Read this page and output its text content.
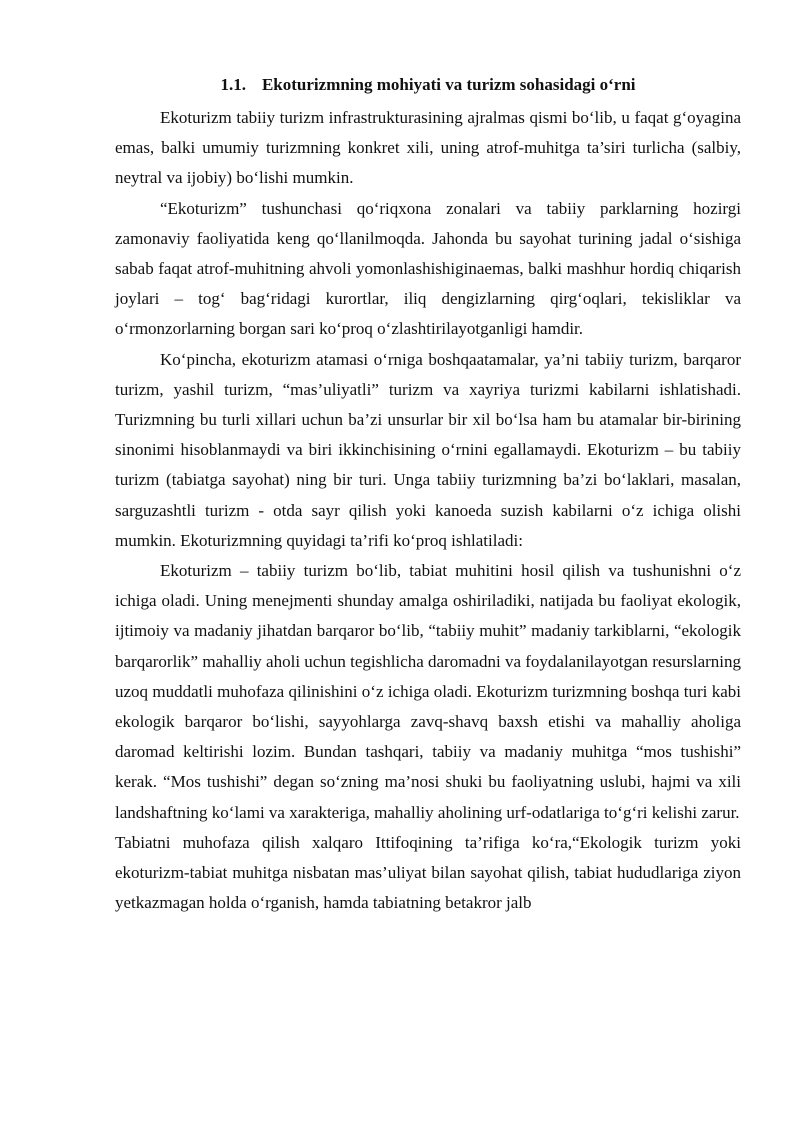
1.1. Ekoturizmning mohiyati va turizm sohasidagi o‘rni

Ekoturizm tabiiy turizm infrastrukturasining ajralmas qismi bo‘lib, u faqat g‘oyagina emas, balki umumiy turizmning konkret xili, uning atrof-muhitga ta’siri turlicha (salbiy, neytral va ijobiy) bo‘lishi mumkin.

“Ekoturizm” tushunchasi qo‘riqxona zonalari va tabiiy parklarning hozirgi zamonaviy faoliyatida keng qo‘llanilmoqda. Jahonda bu sayohat turining jadal o‘sishiga sabab faqat atrof-muhitning ahvoli yomonlashishiginaemas, balki mashhur hordiq chiqarish joylari – tog‘ bag‘ridagi kurortlar, iliq dengizlarning qirg‘oqlari, tekisliklar va o‘rmonzorlarning borgan sari ko‘proq o‘zlashtirilayotganligi hamdir.

Ko‘pincha, ekoturizm atamasi o‘rniga boshqaatamalar, ya’ni tabiiy turizm, barqaror turizm, yashil turizm, “mas’uliyatli” turizm va xayriya turizmi kabilarni ishlatishadi. Turizmning bu turli xillari uchun ba’zi unsurlar bir xil bo‘lsa ham bu atamalar bir-birining sinonimi hisoblanmaydi va biri ikkinchisining o‘rnini egallamaydi. Ekoturizm – bu tabiiy turizm (tabiatga sayohat) ning bir turi. Unga tabiiy turizmning ba’zi bo‘laklari, masalan, sarguzashtli turizm - otda sayr qilish yoki kanoeda suzish kabilarni o‘z ichiga olishi mumkin. Ekoturizmning quyidagi ta’rifi ko‘proq ishlatiladi:

Ekoturizm – tabiiy turizm bo‘lib, tabiat muhitini hosil qilish va tushunishni o‘z ichiga oladi. Uning menejmenti shunday amalga oshiriladiki, natijada bu faoliyat ekologik, ijtimoiy va madaniy jihatdan barqaror bo‘lib, “tabiiy muhit” madaniy tarkiblarni, “ekologik barqarorlik” mahalliy aholi uchun tegishlicha daromadni va foydalanilayotgan resurslarning uzoq muddatli muhofaza qilinishini o‘z ichiga oladi. Ekoturizm turizmning boshqa turi kabi ekologik barqaror bo‘lishi, sayyohlarga zavq-shavq baxsh etishi va mahalliy aholiga daromad keltirishi lozim. Bundan tashqari, tabiiy va madaniy muhitga “mos tushishi” kerak. “Mos tushishi” degan so‘zning ma’nosi shuki bu faoliyatning uslubi, hajmi va xili landshaftning ko‘lami va xarakteriga, mahalliy aholining urf-odatlariga to‘g‘ri kelishi zarur.

Tabiatni muhofaza qilish xalqaro Ittifoqining ta’rifiga ko‘ra,“Ekologik turizm yoki ekoturizm-tabiat muhitga nisbatan mas’uliyat bilan sayohat qilish, tabiat hududlariga ziyon yetkazmagan holda o‘rganish, hamda tabiatning betakror jalb
